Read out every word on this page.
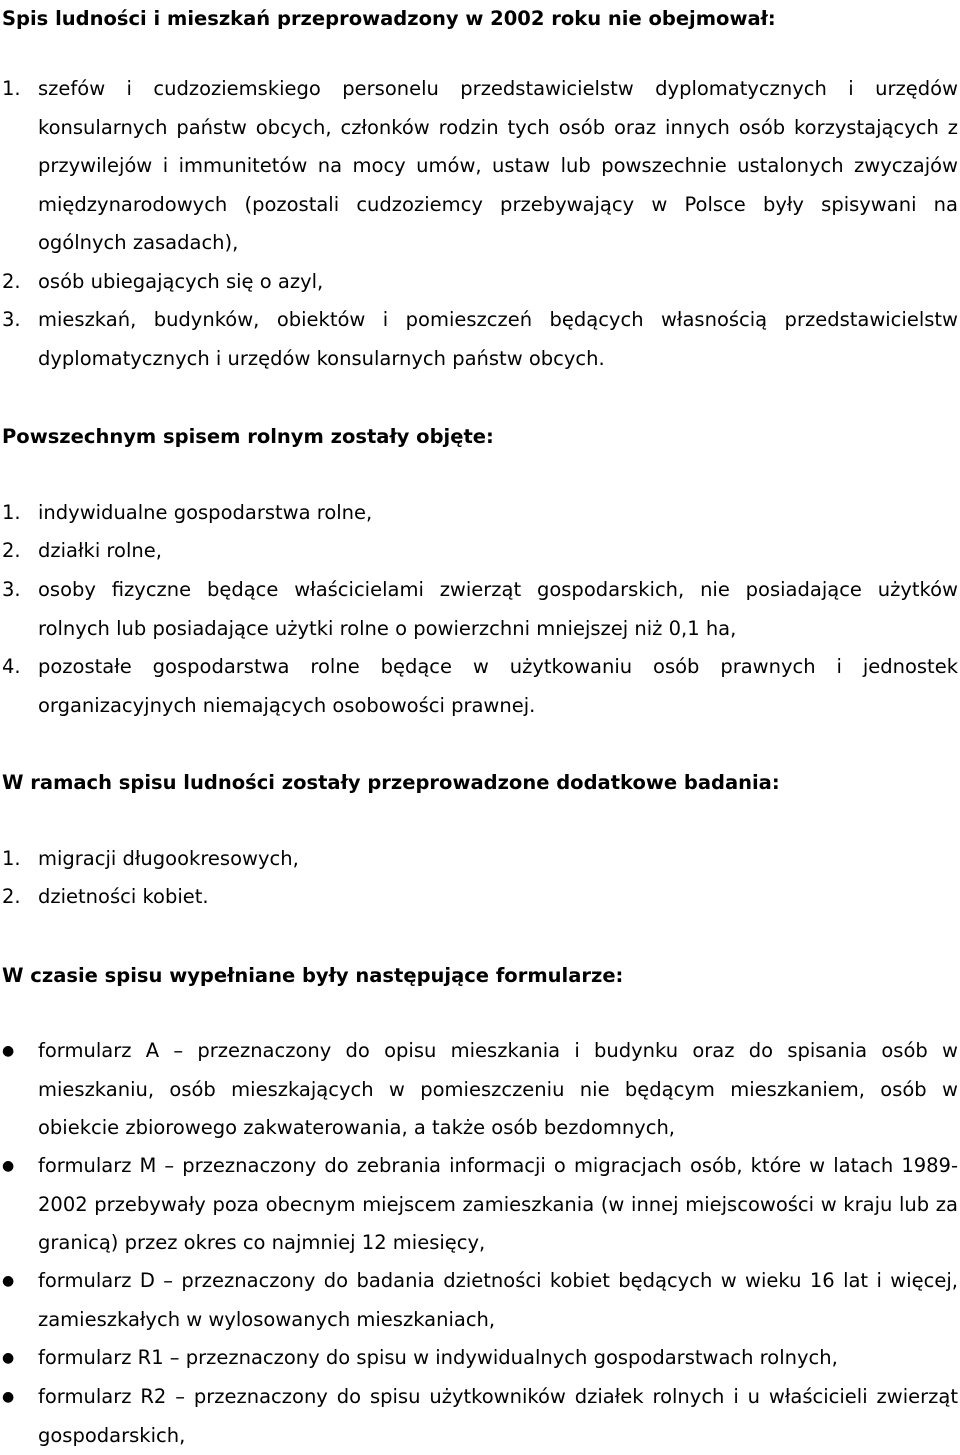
Spis ludności i mieszkań przeprowadzony w 2002 roku nie obejmował:
1. szefów i cudzoziemskiego personelu przedstawicielstw dyplomatycznych i urzędów konsularnych państw obcych, członków rodzin tych osób oraz innych osób korzystających z przywilejów i immunitetów na mocy umów, ustaw lub powszechnie ustalonych zwyczajów międzynarodowych (pozostali cudzoziemcy przebywający w Polsce były spisywani na ogólnych zasadach),
2. osób ubiegających się o azyl,
3. mieszkań, budynków, obiektów i pomieszczeń będących własnością przedstawicielstw dyplomatycznych i urzędów konsularnych państw obcych.
Powszechnym spisem rolnym zostały objęte:
1. indywidualne gospodarstwa rolne,
2. działki rolne,
3. osoby fizyczne będące właścicielami zwierząt gospodarskich, nie posiadające użytków rolnych lub posiadające użytki rolne o powierzchni mniejszej niż 0,1 ha,
4. pozostałe gospodarstwa rolne będące w użytkowaniu osób prawnych i jednostek organizacyjnych niemających osobowości prawnej.
W ramach spisu ludności zostały przeprowadzone dodatkowe badania:
1. migracji długookresowych,
2. dzietności kobiet.
W czasie spisu wypełniane były następujące formularze:
● formularz A – przeznaczony do opisu mieszkania i budynku oraz do spisania osób w mieszkaniu, osób mieszkających w pomieszczeniu nie będącym mieszkaniem, osób w obiekcie zbiorowego zakwaterowania, a także osób bezdomnych,
● formularz M – przeznaczony do zebrania informacji o migracjach osób, które w latach 1989-2002 przebywały poza obecnym miejscem zamieszkania (w innej miejscowości w kraju lub za granicą) przez okres co najmniej 12 miesięcy,
● formularz D – przeznaczony do badania dzietności kobiet będących w wieku 16 lat i więcej, zamieszkałych w wylosowanych mieszkaniach,
● formularz R1 – przeznaczony do spisu w indywidualnych gospodarstwach rolnych,
● formularz R2 – przeznaczony do spisu użytkowników działek rolnych i u właścicieli zwierząt gospodarskich,
